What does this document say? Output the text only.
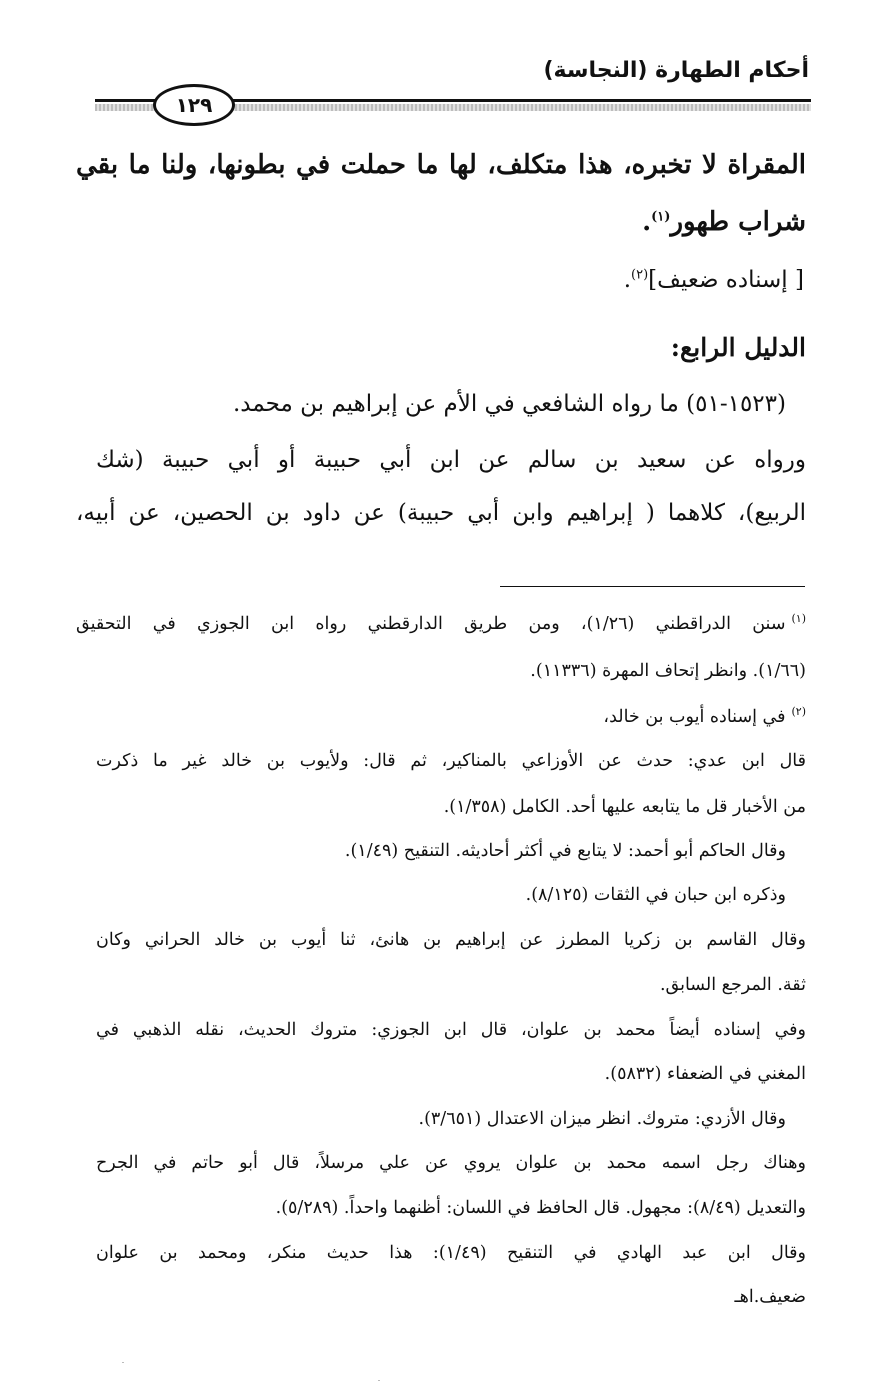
أحكام الطهارة (النجاسة)
١٢٩
المقراة لا تخبره، هذا متكلف، لها ما حملت في بطونها، ولنا ما بقي
شراب طهور$^{(١)}$.
[ إسناده ضعيف]$^{(٢)}$.
الدليل الرابع:
(١٥٢٣-٥١) ما رواه الشافعي في الأم عن إبراهيم بن محمد.
ورواه عن سعيد بن سالم عن ابن أبي حبيبة أو أبي حبيبة (شك
الربيع)، كلاهما ( إبراهيم وابن أبي حبيبة) عن داود بن الحصين، عن أبيه،
$^{(١)}$سنن الدراقطني (١/٢٦)، ومن طريق الدارقطني رواه ابن الجوزي في التحقيق
(١/٦٦). وانظر إتحاف المهرة (١١٣٣٦).
$^{(٢)}$في إسناده أيوب بن خالد،
قال ابن عدي: حدث عن الأوزاعي بالمناكير، ثم قال: ولأيوب بن خالد غير ما ذكرت
من الأخبار قل ما يتابعه عليها أحد. الكامل (١/٣٥٨).
وقال الحاكم أبو أحمد: لا يتابع في أكثر أحاديثه. التنقيح (١/٤٩).
وذكره ابن حبان في الثقات (٨/١٢٥).
وقال القاسم بن زكريا المطرز عن إبراهيم بن هانئ، ثنا أيوب بن خالد الحراني وكان
ثقة. المرجع السابق.
وفي إسناده أيضاً محمد بن علوان، قال ابن الجوزي: متروك الحديث، نقله الذهبي في
المغني في الضعفاء (٥٨٣٢).
وقال الأزدي: متروك. انظر ميزان الاعتدال (٣/٦٥١).
وهناك رجل اسمه محمد بن علوان يروي عن علي مرسلاً، قال أبو حاتم في الجرح
والتعديل (٨/٤٩): مجهول. قال الحافظ في اللسان: أظنهما واحداً. (٥/٢٨٩).
وقال ابن عبد الهادي في التنقيح (١/٤٩): هذا حديث منكر، ومحمد بن علوان
ضعيف.اهـ
